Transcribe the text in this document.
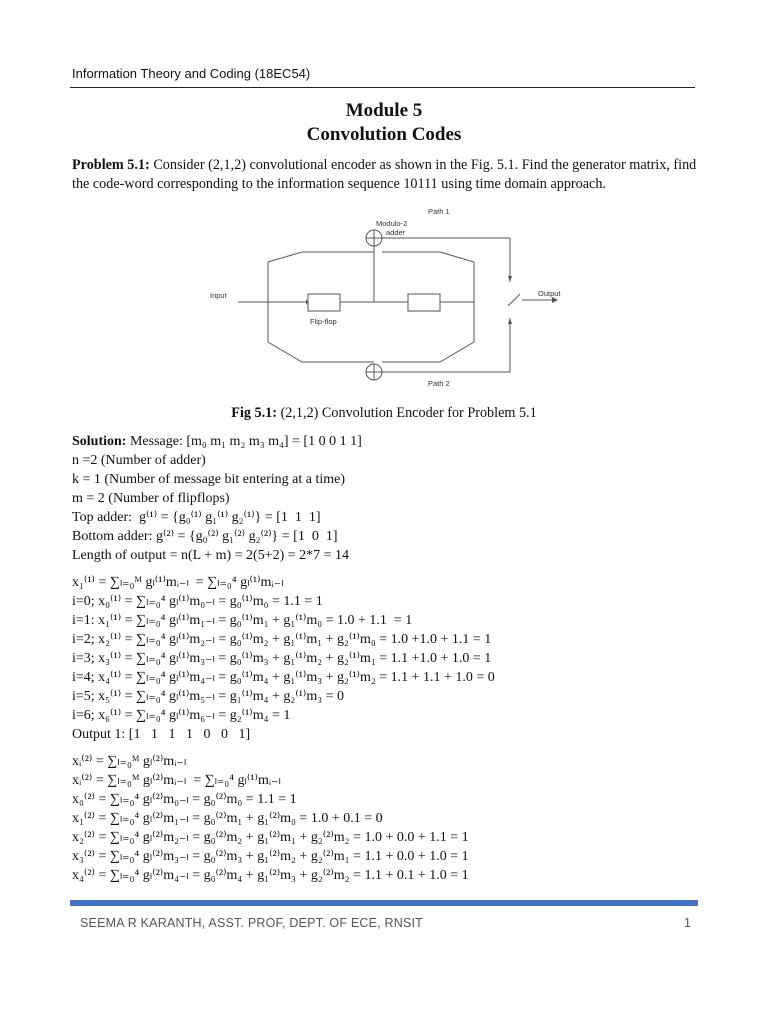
Information Theory and Coding (18EC54)
Module 5
Convolution Codes
Problem 5.1: Consider (2,1,2) convolutional encoder as shown in the Fig. 5.1. Find the generator matrix, find the code-word corresponding to the information sequence 10111 using time domain approach.
Path 1
Modulo-2
adder
Input
Flip-flop
Output
Path 2
Fig 5.1: (2,1,2) Convolution Encoder for Problem 5.1
Solution: Message: [m₀ m₁ m₂ m₃ m₄] = [1 0 0 1 1]
n =2 (Number of adder)
k = 1 (Number of message bit entering at a time)
m = 2 (Number of flipflops)
Top adder:  g⁽¹⁾ = {g₀⁽¹⁾ g₁⁽¹⁾ g₂⁽¹⁾} = [1  1  1]
Bottom adder: g⁽²⁾ = {g₀⁽²⁾ g₁⁽²⁾ g₂⁽²⁾} = [1  0  1]
Length of output = n(L + m) = 2(5+2) = 2*7 = 14
x₁⁽¹⁾ = ∑ₗ₌₀ᴹ gₗ⁽¹⁾mᵢ₋ₗ  = ∑ₗ₌₀⁴ gₗ⁽¹⁾mᵢ₋ₗ
i=0; x₀⁽¹⁾ = ∑ₗ₌₀⁴ gₗ⁽¹⁾m₀₋ₗ = g₀⁽¹⁾m₀ = 1.1 = 1
i=1: x₁⁽¹⁾ = ∑ₗ₌₀⁴ gₗ⁽¹⁾m₁₋ₗ = g₀⁽¹⁾m₁ + g₁⁽¹⁾m₀ = 1.0 + 1.1  = 1
i=2; x₂⁽¹⁾ = ∑ₗ₌₀⁴ gₗ⁽¹⁾m₂₋ₗ = g₀⁽¹⁾m₂ + g₁⁽¹⁾m₁ + g₂⁽¹⁾m₀ = 1.0 +1.0 + 1.1 = 1
i=3; x₃⁽¹⁾ = ∑ₗ₌₀⁴ gₗ⁽¹⁾m₃₋ₗ = g₀⁽¹⁾m₃ + g₁⁽¹⁾m₂ + g₂⁽¹⁾m₁ = 1.1 +1.0 + 1.0 = 1
i=4; x₄⁽¹⁾ = ∑ₗ₌₀⁴ gₗ⁽¹⁾m₄₋ₗ = g₀⁽¹⁾m₄ + g₁⁽¹⁾m₃ + g₂⁽¹⁾m₂ = 1.1 + 1.1 + 1.0 = 0
i=5; x₅⁽¹⁾ = ∑ₗ₌₀⁴ gₗ⁽¹⁾m₅₋ₗ = g₁⁽¹⁾m₄ + g₂⁽¹⁾m₃ = 0
i=6; x₆⁽¹⁾ = ∑ₗ₌₀⁴ gₗ⁽¹⁾m₆₋ₗ = g₂⁽¹⁾m₄ = 1
Output 1: [1   1   1   1   0   0   1]
xᵢ⁽²⁾ = ∑ₗ₌₀ᴹ gₗ⁽²⁾mᵢ₋ₗ
xᵢ⁽²⁾ = ∑ₗ₌₀ᴹ gₗ⁽²⁾mᵢ₋ₗ  = ∑ₗ₌₀⁴ gₗ⁽¹⁾mᵢ₋ₗ
x₀⁽²⁾ = ∑ₗ₌₀⁴ gₗ⁽²⁾m₀₋ₗ = g₀⁽²⁾m₀ = 1.1 = 1
x₁⁽²⁾ = ∑ₗ₌₀⁴ gₗ⁽²⁾m₁₋ₗ = g₀⁽²⁾m₁ + g₁⁽²⁾m₀ = 1.0 + 0.1 = 0
x₂⁽²⁾ = ∑ₗ₌₀⁴ gₗ⁽²⁾m₂₋ₗ = g₀⁽²⁾m₂ + g₁⁽²⁾m₁ + g₂⁽²⁾m₂ = 1.0 + 0.0 + 1.1 = 1
x₃⁽²⁾ = ∑ₗ₌₀⁴ gₗ⁽²⁾m₃₋ₗ = g₀⁽²⁾m₃ + g₁⁽²⁾m₂ + g₂⁽²⁾m₁ = 1.1 + 0.0 + 1.0 = 1
x₄⁽²⁾ = ∑ₗ₌₀⁴ gₗ⁽²⁾m₄₋ₗ = g₀⁽²⁾m₄ + g₁⁽²⁾m₃ + g₂⁽²⁾m₂ = 1.1 + 0.1 + 1.0 = 1
SEEMA R KARANTH, ASST. PROF, DEPT. OF ECE, RNSIT	1
